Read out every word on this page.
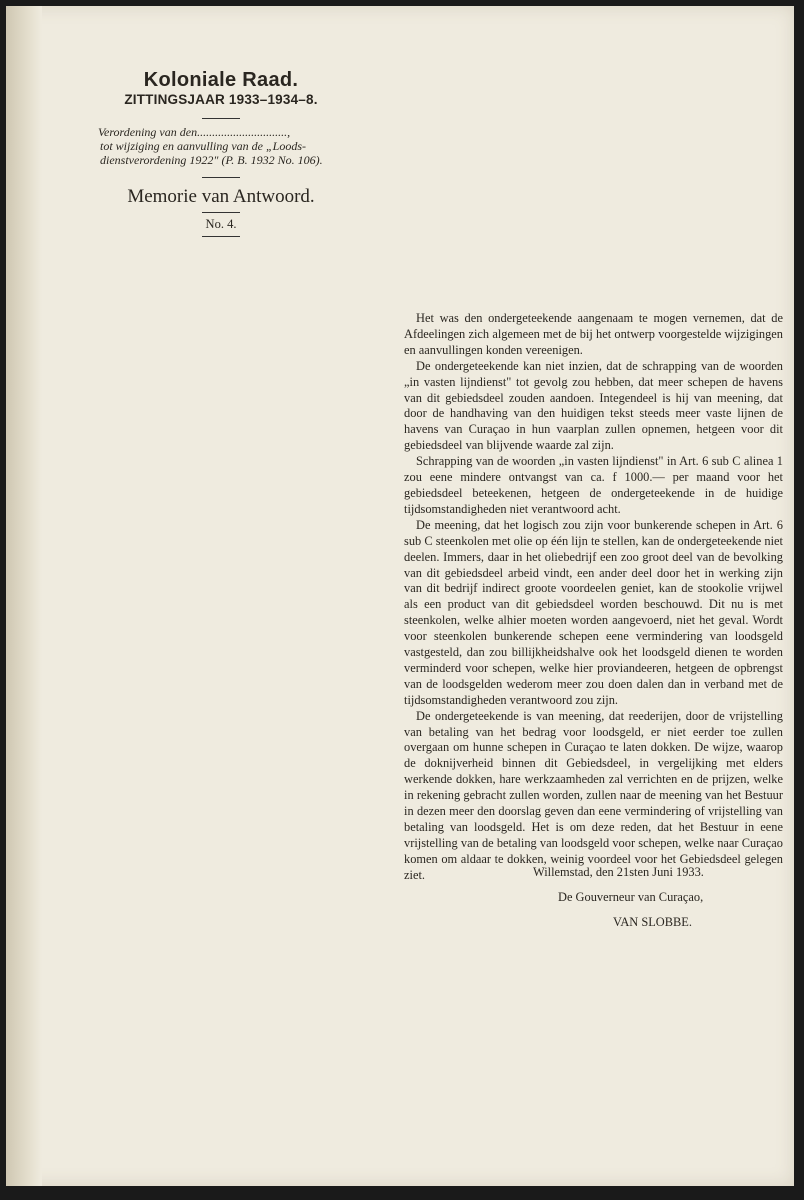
Koloniale Raad.
ZITTINGSJAAR 1933–1934–8.
Verordening van den..............................,
tot wijziging en aanvulling van de „Loods-
dienstverordening 1922" (P. B. 1932 No. 106).
Memorie van Antwoord.
No. 4.

Het was den ondergeteekende aangenaam te mogen vernemen, dat de Afdeelingen zich algemeen met de bij het ontwerp voorgestelde wijzigingen en aanvullingen konden vereenigen.

De ondergeteekende kan niet inzien, dat de schrapping van de woorden „in vasten lijndienst" tot gevolg zou hebben, dat meer schepen de havens van dit gebiedsdeel zouden aandoen. Integendeel is hij van meening, dat door de handhaving van den huidigen tekst steeds meer vaste lijnen de havens van Curaçao in hun vaarplan zullen opnemen, hetgeen voor dit gebiedsdeel van blijvende waarde zal zijn.

Schrapping van de woorden „in vasten lijndienst" in Art. 6 sub C alinea 1 zou eene mindere ontvangst van ca. f 1000.— per maand voor het gebiedsdeel beteekenen, hetgeen de ondergeteekende in de huidige tijdsomstandigheden niet verantwoord acht.

De meening, dat het logisch zou zijn voor bunkerende schepen in Art. 6 sub C steenkolen met olie op één lijn te stellen, kan de ondergeteekende niet deelen. Immers, daar in het oliebedrijf een zoo groot deel van de bevolking van dit gebiedsdeel arbeid vindt, een ander deel door het in werking zijn van dit bedrijf indirect groote voordeelen geniet, kan de stookolie vrijwel als een product van dit gebiedsdeel worden beschouwd. Dit nu is met steenkolen, welke alhier moeten worden aangevoerd, niet het geval. Wordt voor steenkolen bunkerende schepen eene vermindering van loodsgeld vastgesteld, dan zou billijkheidshalve ook het loodsgeld dienen te worden verminderd voor schepen, welke hier proviandeeren, hetgeen de opbrengst van de loodsgelden wederom meer zou doen dalen dan in verband met de tijdsomstandigheden verantwoord zou zijn.

De ondergeteekende is van meening, dat reederijen, door de vrijstelling van betaling van het bedrag voor loodsgeld, er niet eerder toe zullen overgaan om hunne schepen in Curaçao te laten dokken. De wijze, waarop de doknijverheid binnen dit Gebiedsdeel, in vergelijking met elders werkende dokken, hare werkzaamheden zal verrichten en de prijzen, welke in rekening gebracht zullen worden, zullen naar de meening van het Bestuur in dezen meer den doorslag geven dan eene vermindering of vrijstelling van betaling van loodsgeld. Het is om deze reden, dat het Bestuur in eene vrijstelling van de betaling van loodsgeld voor schepen, welke naar Curaçao komen om aldaar te dokken, weinig voordeel voor het Gebiedsdeel gelegen ziet.	Willemstad, den 21sten Juni 1933.
De Gouverneur van Curaçao,
VAN SLOBBE.
